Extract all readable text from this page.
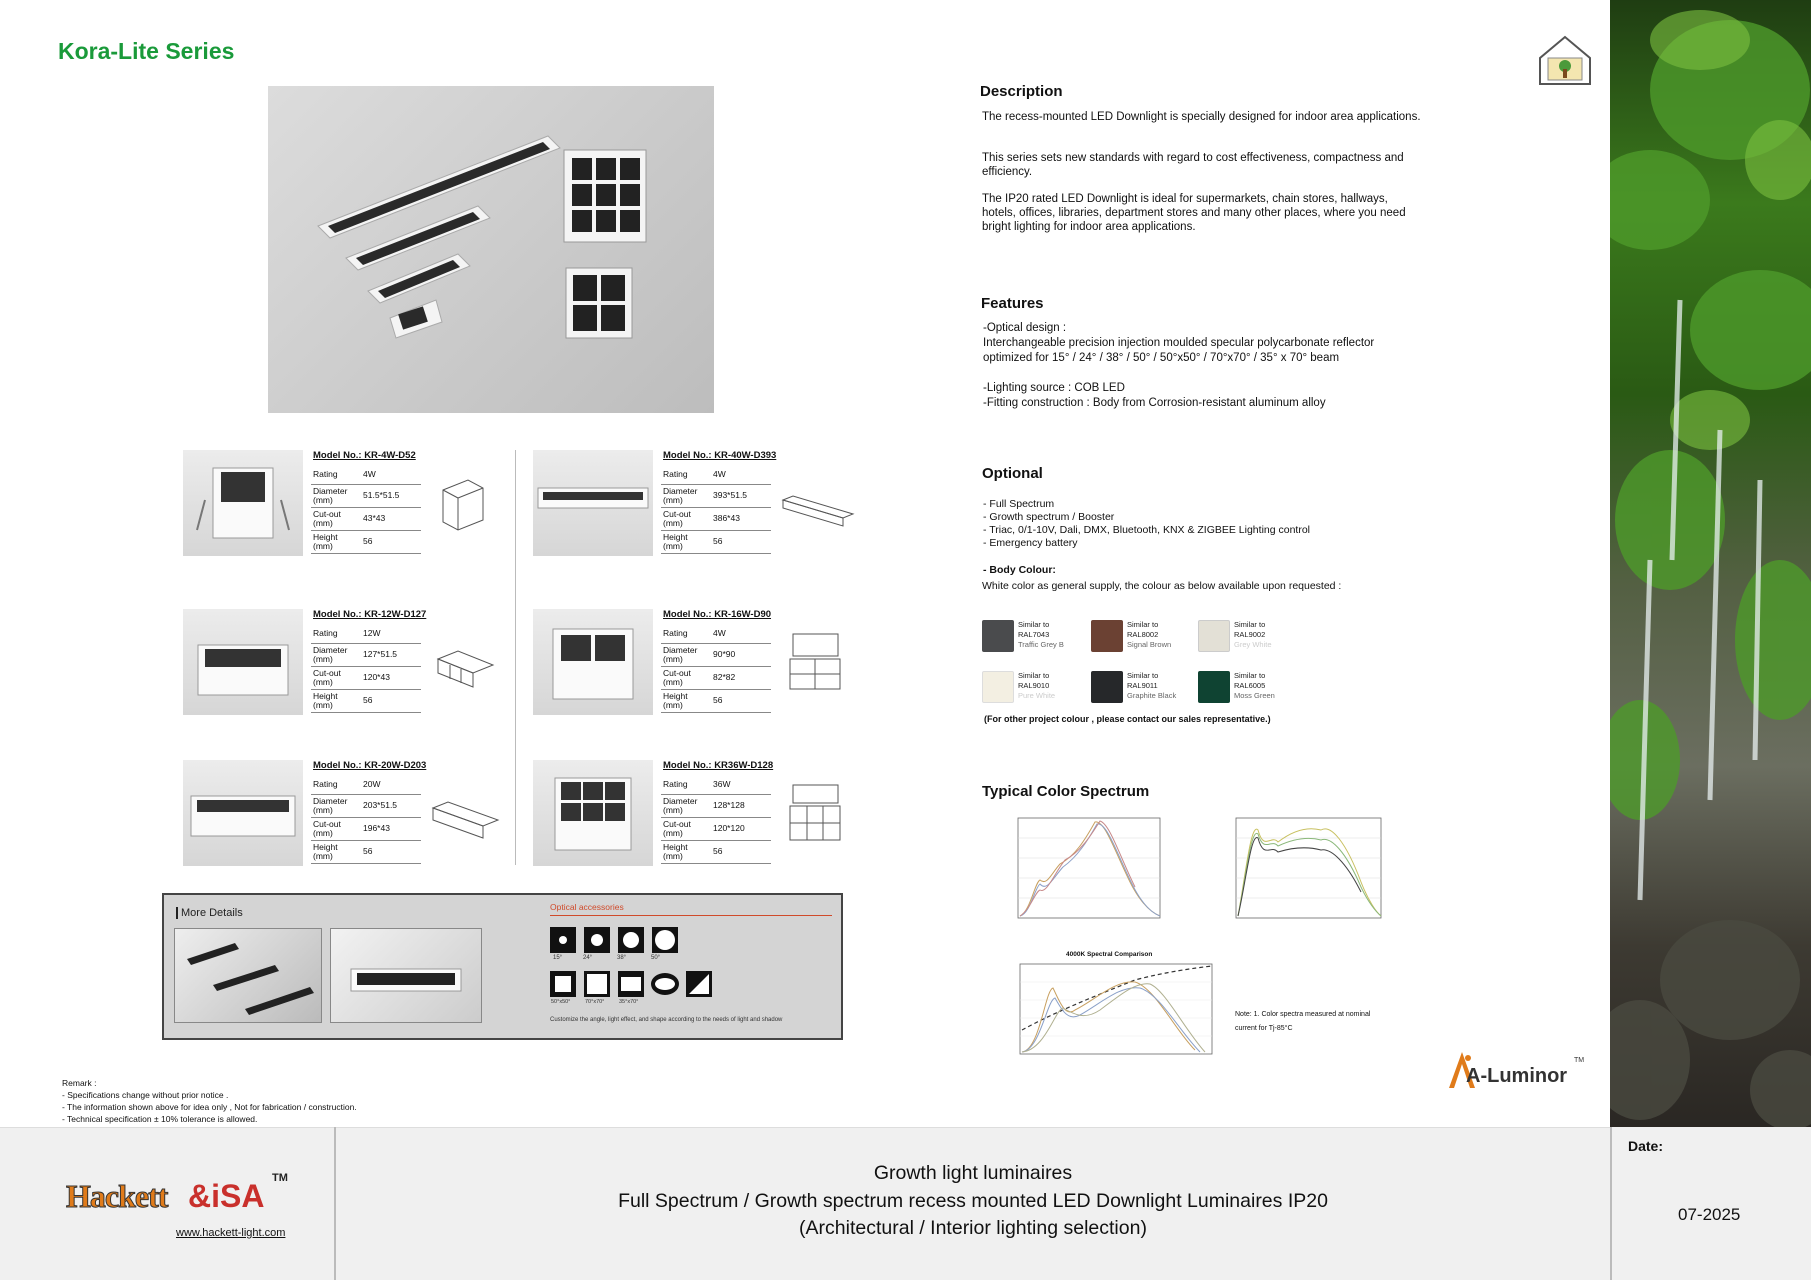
Kora-Lite Series
Model No.: KR-4W-D52
Rating	4W
Diameter (mm)	51.5*51.5
Cut-out (mm)	43*43
Height (mm)	56
Model No.: KR-40W-D393
Rating	4W
Diameter (mm)	393*51.5
Cut-out (mm)	386*43
Height (mm)	56
Model No.: KR-12W-D127
Rating	12W
Diameter (mm)	127*51.5
Cut-out (mm)	120*43
Height (mm)	56
Model No.: KR-16W-D90
Rating	4W
Diameter (mm)	90*90
Cut-out (mm)	82*82
Height (mm)	56
Model No.: KR-20W-D203
Rating	20W
Diameter (mm)	203*51.5
Cut-out (mm)	196*43
Height (mm)	56
Model No.: KR36W-D128
Rating	36W
Diameter (mm)	128*128
Cut-out (mm)	120*120
Height (mm)	56
More Details	Optical accessories
15°	24°	38°	50°
50°x50°	70°x70°	35°x70°
Customize the angle, light effect, and shape according to the needs of light and shadow
Remark :
- Specifications change without prior notice .
- The information shown above for idea only , Not for fabrication / construction.
- Technical specification ± 10% tolerance is allowed.
Description
The recess-mounted LED Downlight is specially designed for indoor area applications.
This series sets new standards with regard to cost effectiveness, compactness and efficiency.
The IP20 rated LED Downlight is ideal for supermarkets, chain stores, hallways, hotels, offices, libraries, department stores and many other places, where you need bright lighting for indoor area applications.
Features
-Optical design :
Interchangeable precision injection moulded specular polycarbonate reflector
optimized for 15° / 24° / 38° / 50° / 50°x50° / 70°x70° / 35° x 70° beam
-Lighting source : COB LED
-Fitting construction : Body from Corrosion-resistant aluminum alloy
Optional
- Full Spectrum
- Growth spectrum / Booster
- Triac, 0/1-10V, Dali, DMX, Bluetooth, KNX & ZIGBEE Lighting control
- Emergency battery
- Body Colour:
White color as general supply, the colour as below available upon requested :
Similar to
RAL7043
Traffic Grey B
Similar to
RAL8002
Signal Brown
Similar to
RAL9002
Grey White
Similar to
RAL9010
Pure White
Similar to
RAL9011
Graphite Black
Similar to
RAL6005
Moss Green
(For other project colour , please contact our sales representative.)
Typical Color Spectrum
4000K Spectral Comparison
Note: 1. Color spectra measured at nominal
current for Tj-85°C
A-Luminor
TM
Hackett &iSA TM
www.hackett-light.com
Growth light luminaires
Full Spectrum / Growth spectrum recess mounted LED Downlight Luminaires IP20
(Architectural / Interior lighting selection)
Date:
07-2025
